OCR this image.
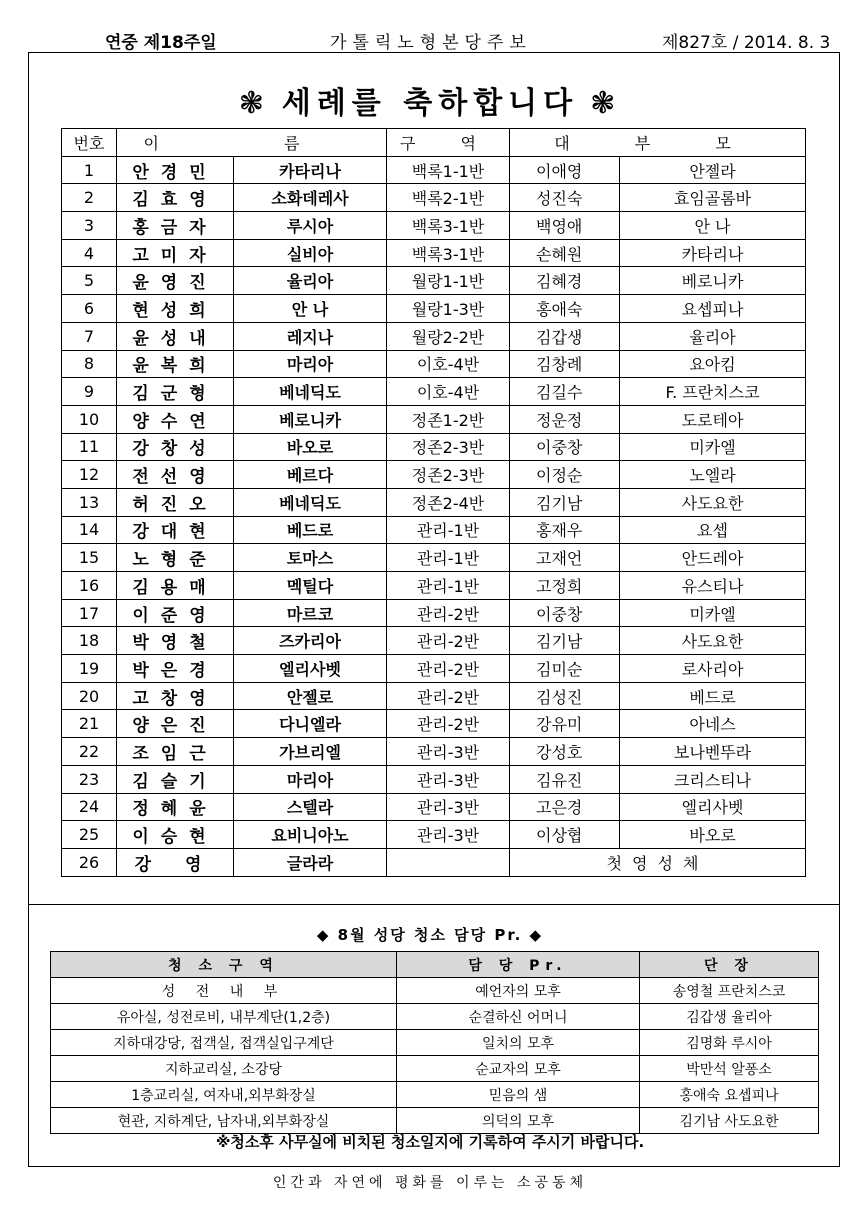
연중 제18주일	가톨릭노형본당주보	제827호 / 2014. 8. 3
❃ 세례를 축하합니다 ❃
번호	이 름		구 역	대 부 모	
1	안경민	카타리나	백록1-1반	이애영	안젤라
2	김효영	소화데레사	백록2-1반	성진숙	효임골롬바
3	홍금자	루시아	백록3-1반	백영애	안 나
4	고미자	실비아	백록3-1반	손혜원	카타리나
5	윤영진	율리아	월랑1-1반	김혜경	베로니카
6	현성희	안 나	월랑1-3반	홍애숙	요셉피나
7	윤성내	레지나	월랑2-2반	김갑생	율리아
8	윤복희	마리아	이호-4반	김창례	요아킴
9	김군형	베네딕도	이호-4반	김길수	F. 프란치스코
10	양수연	베로니카	정존1-2반	정운정	도로테아
11	강창성	바오로	정존2-3반	이중창	미카엘
12	전선영	베르다	정존2-3반	이정순	노엘라
13	허진오	베네딕도	정존2-4반	김기남	사도요한
14	강대현	베드로	관리-1반	홍재우	요셉
15	노형준	토마스	관리-1반	고재언	안드레아
16	김용매	멕틸다	관리-1반	고정희	유스티나
17	이준영	마르코	관리-2반	이중창	미카엘
18	박영철	즈카리아	관리-2반	김기남	사도요한
19	박은경	엘리사벳	관리-2반	김미순	로사리아
20	고창영	안젤로	관리-2반	김성진	베드로
21	양은진	다니엘라	관리-2반	강유미	아네스
22	조임근	가브리엘	관리-3반	강성호	보나벤뚜라
23	김슬기	마리아	관리-3반	김유진	크리스티나
24	정혜윤	스텔라	관리-3반	고은경	엘리사벳
25	이승현	요비니아노	관리-3반	이상협	바오로
26	강 영	글라라		첫영성체	
◆ 8월 성당 청소 담당 Pr. ◆
청 소 구 역	담 당 Pr.	단 장
성 전 내 부	예언자의 모후	송영철 프란치스코
유아실, 성전로비, 내부계단(1,2층)	순결하신 어머니	김갑생 율리아
지하대강당, 접객실, 접객실입구계단	일치의 모후	김명화 루시아
지하교리실, 소강당	순교자의 모후	박만석 알퐁소
1층교리실, 여자내,외부화장실	믿음의 샘	홍애숙 요셉피나
현관, 지하계단, 남자내,외부화장실	의덕의 모후	김기남 사도요한
※청소후 사무실에 비치된 청소일지에 기록하여 주시기 바랍니다.
인간과 자연에 평화를 이루는 소공동체
